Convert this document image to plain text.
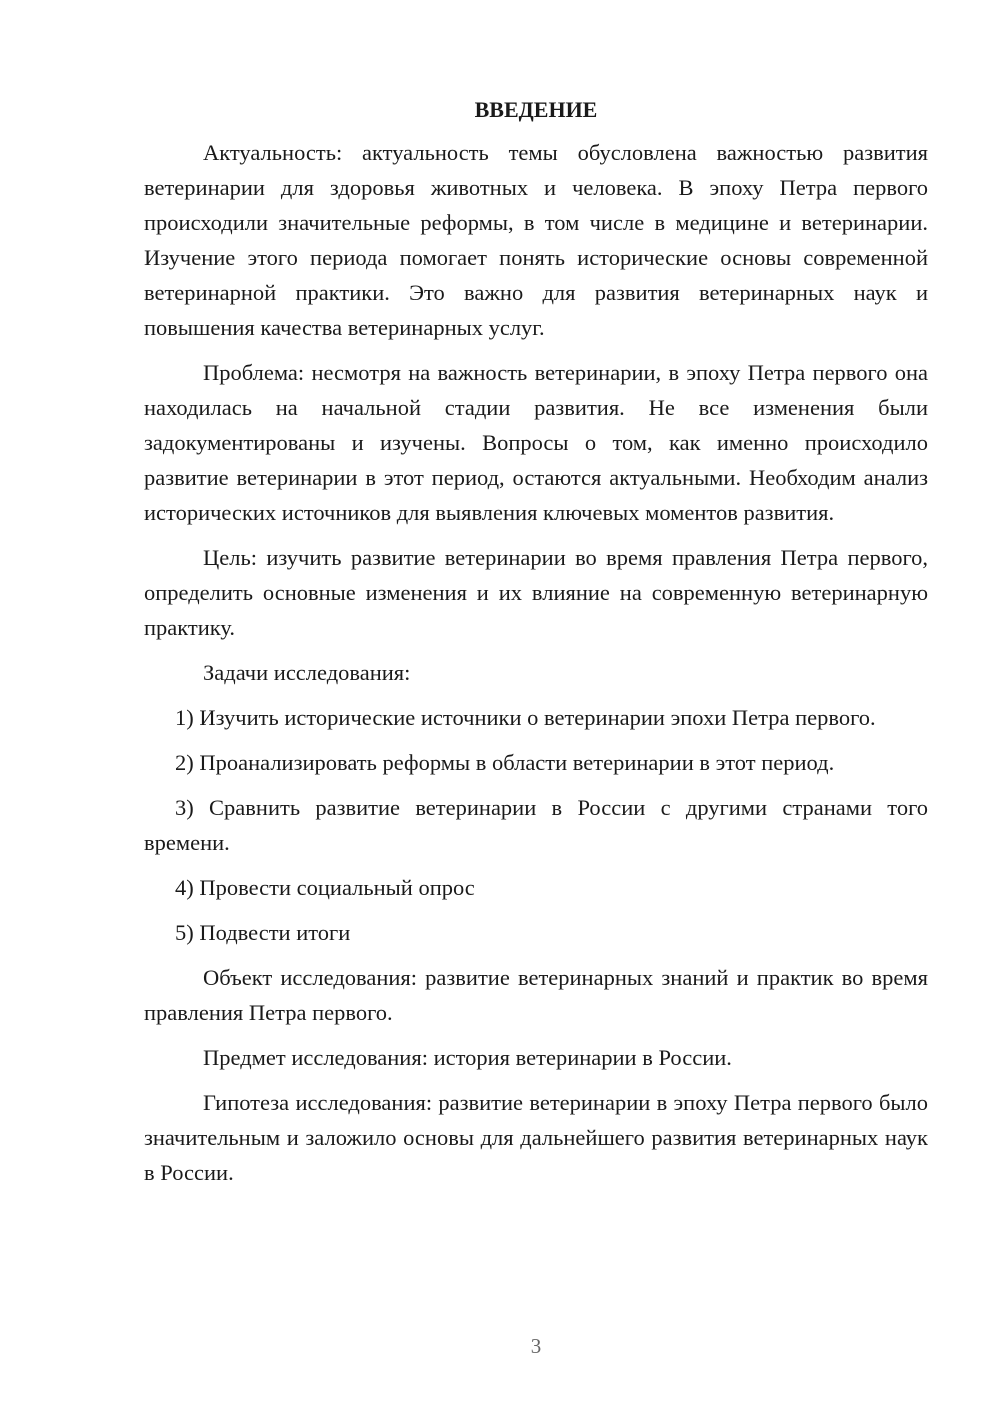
ВВЕДЕНИЕ

Актуальность: актуальность темы обусловлена важностью развития ветеринарии для здоровья животных и человека. В эпоху Петра первого происходили значительные реформы, в том числе в медицине и ветеринарии. Изучение этого периода помогает понять исторические основы современной ветеринарной практики. Это важно для развития ветеринарных наук и повышения качества ветеринарных услуг.

Проблема: несмотря на важность ветеринарии, в эпоху Петра первого она находилась на начальной стадии развития. Не все изменения были задокументированы и изучены. Вопросы о том, как именно происходило развитие ветеринарии в этот период, остаются актуальными. Необходим анализ исторических источников для выявления ключевых моментов развития.

Цель: изучить развитие ветеринарии во время правления Петра первого, определить основные изменения и их влияние на современную ветеринарную практику.

Задачи исследования:

1) Изучить исторические источники о ветеринарии эпохи Петра первого.

2) Проанализировать реформы в области ветеринарии в этот период.

3) Сравнить развитие ветеринарии в России с другими странами того времени.

4) Провести социальный опрос

5) Подвести итоги

Объект исследования: развитие ветеринарных знаний и практик во время правления Петра первого.

Предмет исследования: история ветеринарии в России.

Гипотеза исследования: развитие ветеринарии в эпоху Петра первого было значительным и заложило основы для дальнейшего развития ветеринарных наук в России.

3
